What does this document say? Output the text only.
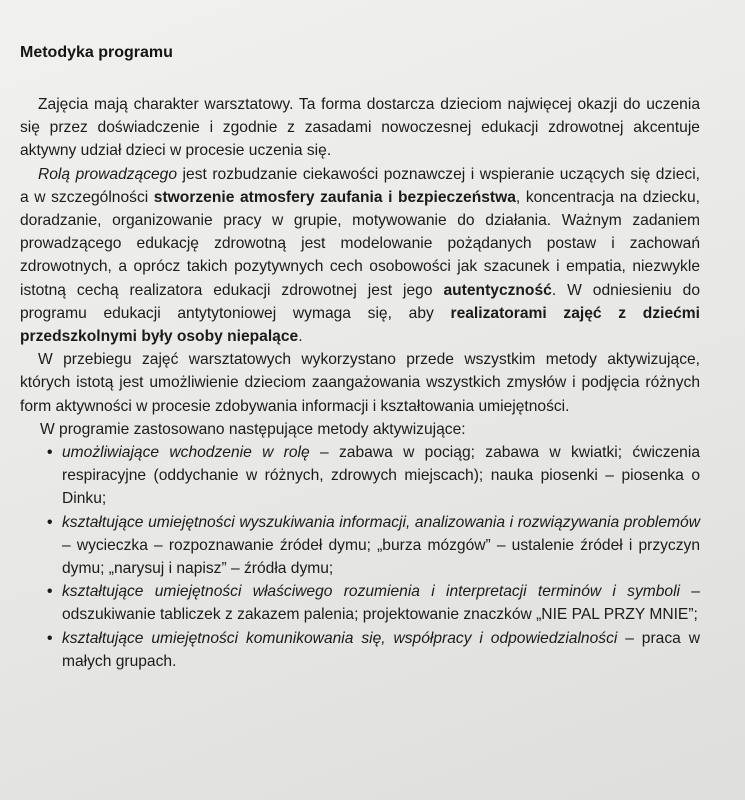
Metodyka programu

Zajęcia mają charakter warsztatowy. Ta forma dostarcza dzieciom najwięcej okazji do uczenia się przez doświadczenie i zgodnie z zasadami nowoczesnej edukacji zdrowotnej akcentuje aktywny udział dzieci w procesie uczenia się.

Rolą prowadzącego jest rozbudzanie ciekawości poznawczej i wspieranie uczących się dzieci, a w szczególności stworzenie atmosfery zaufania i bezpieczeństwa, koncentracja na dziecku, doradzanie, organizowanie pracy w grupie, motywowanie do działania. Ważnym zadaniem prowadzącego edukację zdrowotną jest modelowanie pożądanych postaw i zachowań zdrowotnych, a oprócz takich pozytywnych cech osobowości jak szacunek i empatia, niezwykle istotną cechą realizatora edukacji zdrowotnej jest jego autentyczność. W odniesieniu do programu edukacji antytytoniowej wymaga się, aby realizatorami zajęć z dziećmi przedszkolnymi były osoby niepalące.

W przebiegu zajęć warsztatowych wykorzystano przede wszystkim metody aktywizujące, których istotą jest umożliwienie dzieciom zaangażowania wszystkich zmysłów i podjęcia różnych form aktywności w procesie zdobywania informacji i kształtowania umiejętności.

W programie zastosowano następujące metody aktywizujące:

• umożliwiające wchodzenie w rolę – zabawa w pociąg; zabawa w kwiatki; ćwiczenia respiracyjne (oddychanie w różnych, zdrowych miejscach); nauka piosenki – piosenka o Dinku;
• kształtujące umiejętności wyszukiwania informacji, analizowania i rozwiązywania problemów – wycieczka – rozpoznawanie źródeł dymu; „burza mózgów” – ustalenie źródeł i przyczyn dymu; „narysuj i napisz” – źródła dymu;
• kształtujące umiejętności właściwego rozumienia i interpretacji terminów i symboli – odszukiwanie tabliczek z zakazem palenia; projektowanie znaczków „NIE PAL PRZY MNIE”;
• kształtujące umiejętności komunikowania się, współpracy i odpowiedzialności – praca w małych grupach.
